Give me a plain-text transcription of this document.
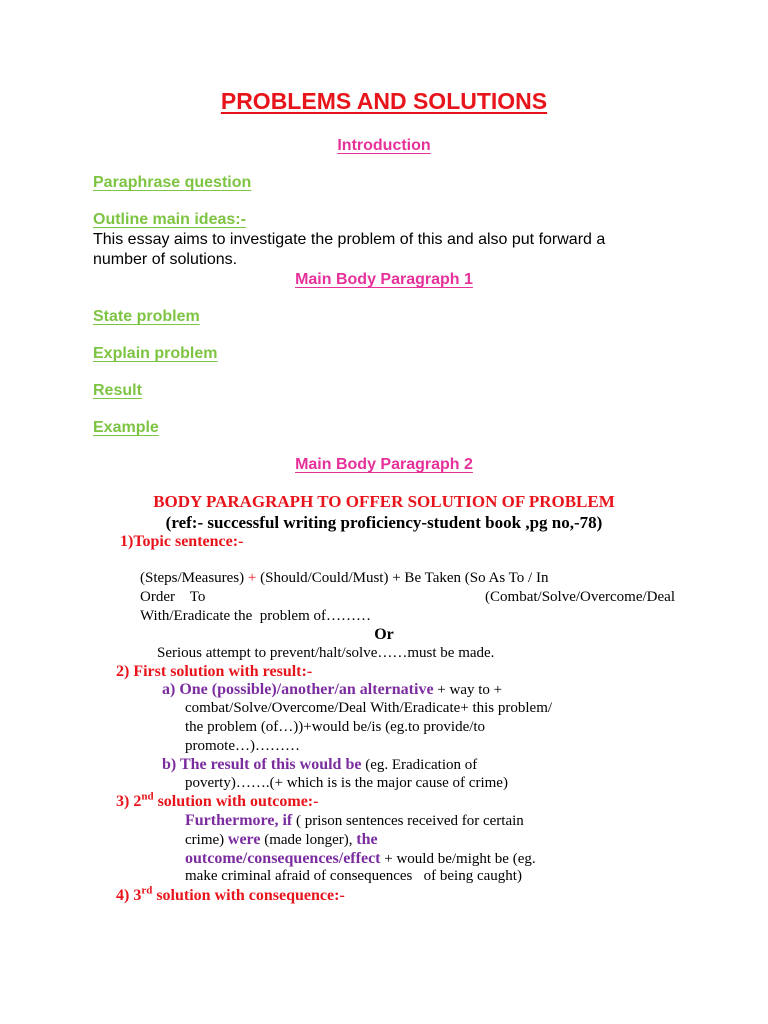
PROBLEMS AND SOLUTIONS
Introduction
Paraphrase question
Outline main ideas:-
This essay aims to investigate the problem of this and also put forward a
number of solutions.
Main Body Paragraph 1
State problem
Explain problem
Result
Example
Main Body Paragraph 2
BODY PARAGRAPH TO OFFER SOLUTION OF PROBLEM
(ref:- successful writing proficiency-student book ,pg no,-78)
1)Topic sentence:-
(Steps/Measures) + (Should/Could/Must) + Be Taken (So As To / In
Order    To	(Combat/Solve/Overcome/Deal
With/Eradicate the  problem of………
Or
Serious attempt to prevent/halt/solve……must be made.
2) First solution with result:-
a) One (possible)/another/an alternative + way to +
combat/Solve/Overcome/Deal With/Eradicate+ this problem/
the problem (of…))+would be/is (eg.to provide/to
promote…)………
b) The result of this would be (eg. Eradication of
poverty)…….(+ which is is the major cause of crime)
3) 2nd solution with outcome:-
Furthermore, if ( prison sentences received for certain
crime) were (made longer), the
outcome/consequences/effect + would be/might be (eg.
make criminal afraid of consequences   of being caught)
4) 3rd solution with consequence:-
